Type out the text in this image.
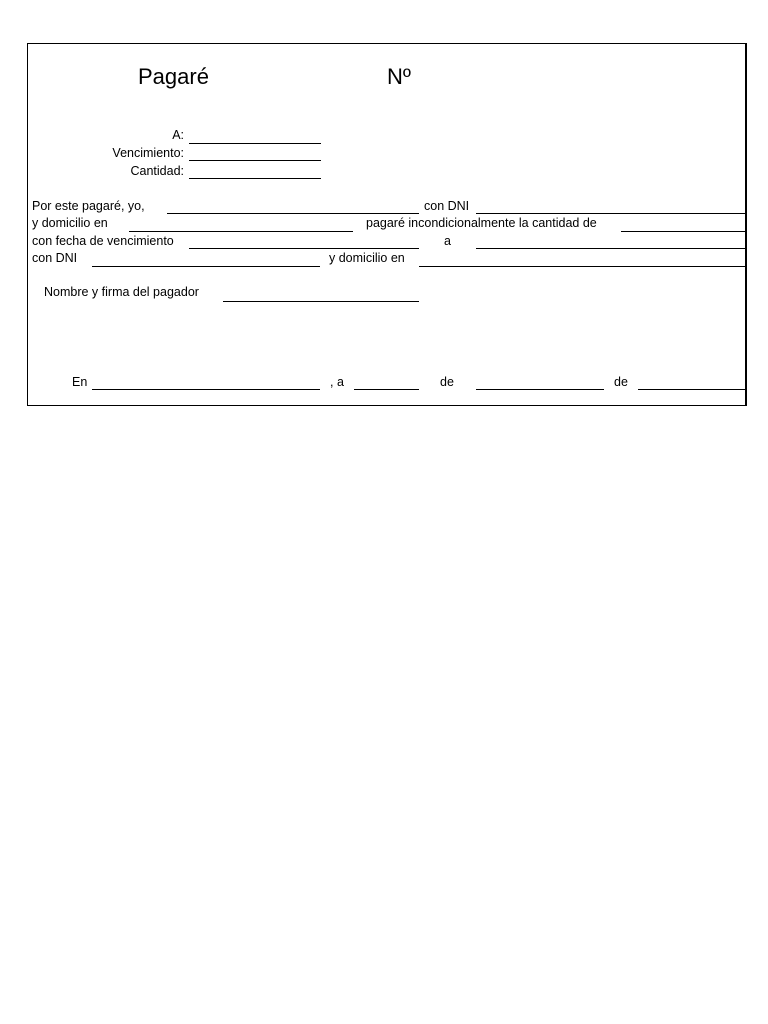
Pagaré	Nº
A:
Vencimiento:
Cantidad:
Por este pagaré, yo,	con DNI
y domicilio en	pagaré incondicionalmente la cantidad de
con fecha de vencimiento	a
con DNI	y domicilio en
Nombre y firma del pagador
En	, a	de	de
